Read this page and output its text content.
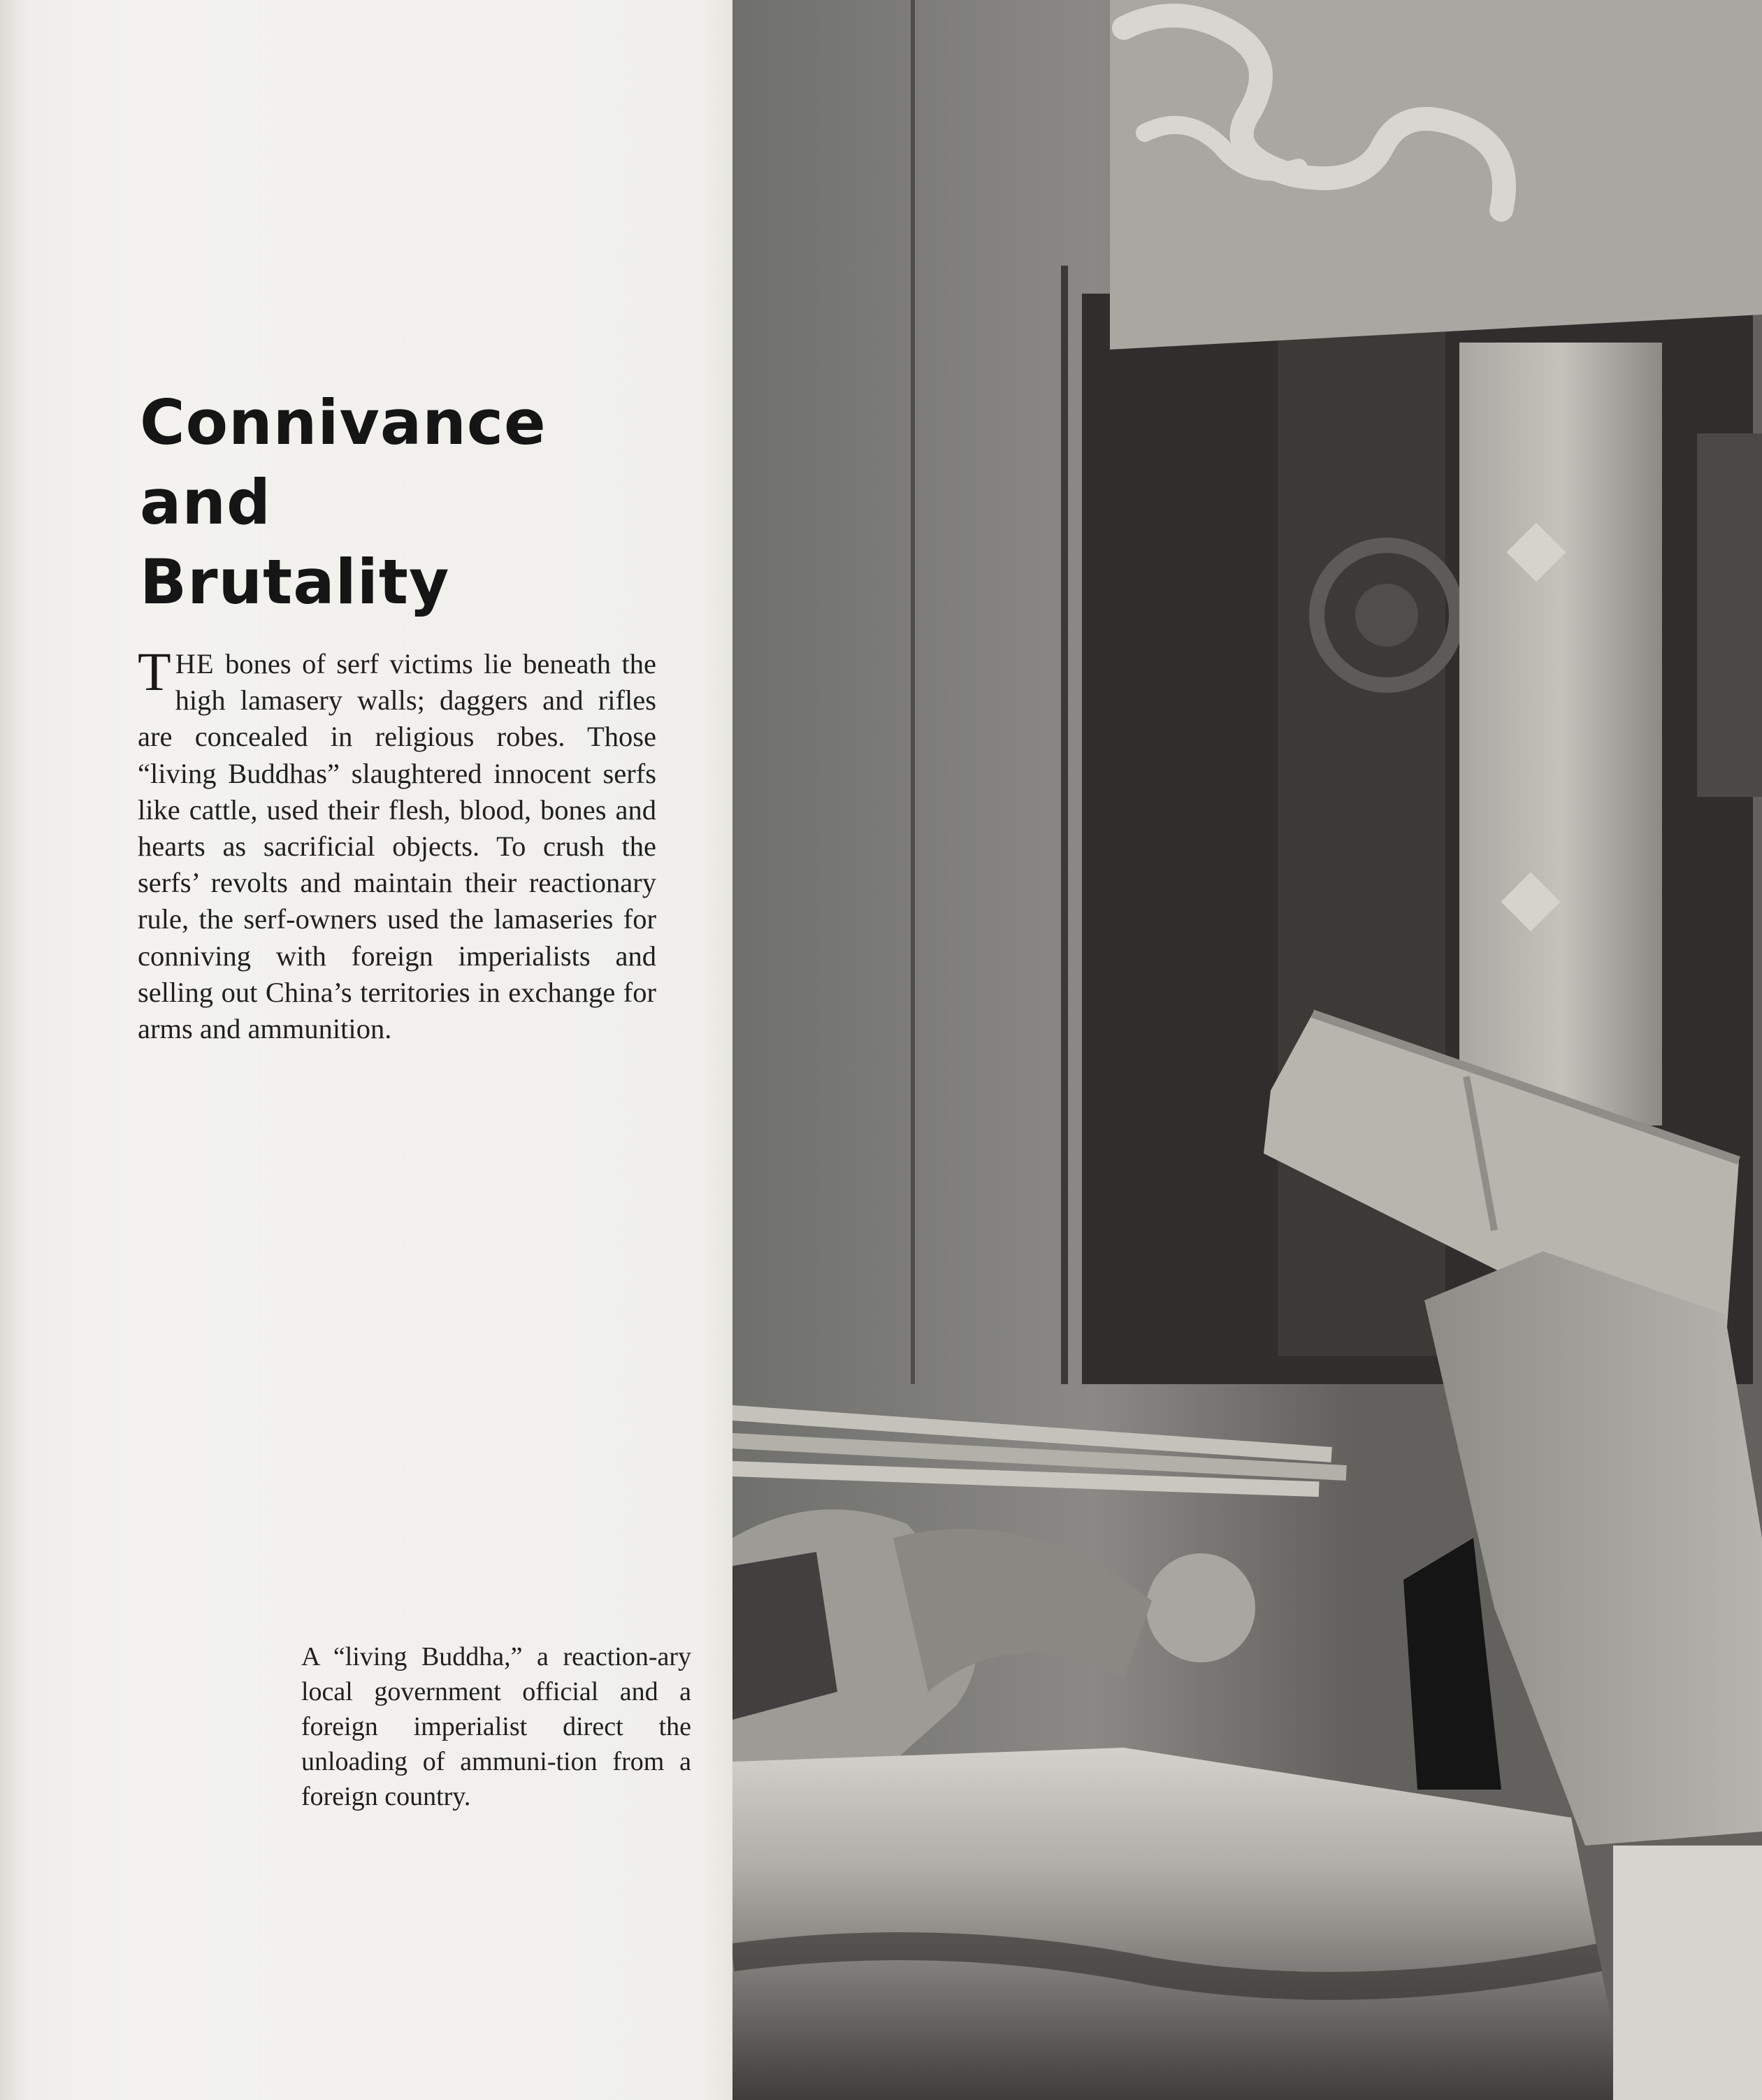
Connivance and
Brutality

THE bones of serf victims lie beneath the high lamasery walls; daggers and rifles are concealed in religious robes. Those “living Buddhas” slaughtered innocent serfs like cattle, used their flesh, blood, bones and hearts as sacrificial objects. To crush the serfs’ revolts and maintain their reactionary rule, the serf-owners used the lamaseries for conniving with foreign imperialists and selling out China’s territories in exchange for arms and ammunition.

A “living Buddha,” a reaction-ary local government official and a foreign imperialist direct the unloading of ammuni-tion from a foreign country.
